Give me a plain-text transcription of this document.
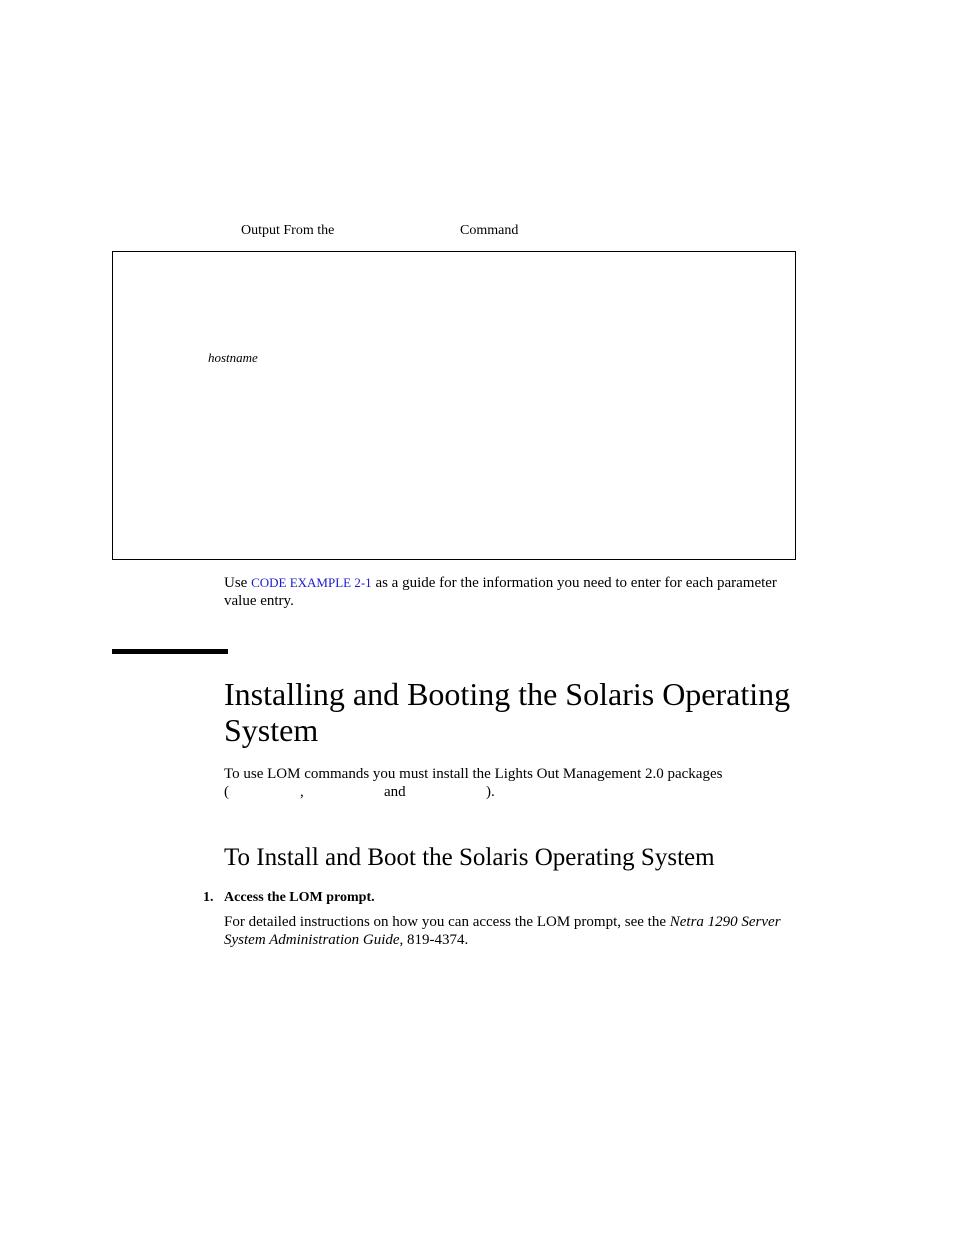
Output From the	Command
hostname
Use CODE EXAMPLE 2-1 as a guide for the information you need to enter for each parameter value entry.
Installing and Booting the Solaris Operating System
To use LOM commands you must install the Lights Out Management 2.0 packages
(	,	and	).
To Install and Boot the Solaris Operating System
1. Access the LOM prompt.
For detailed instructions on how you can access the LOM prompt, see the Netra 1290 Server System Administration Guide, 819-4374.
